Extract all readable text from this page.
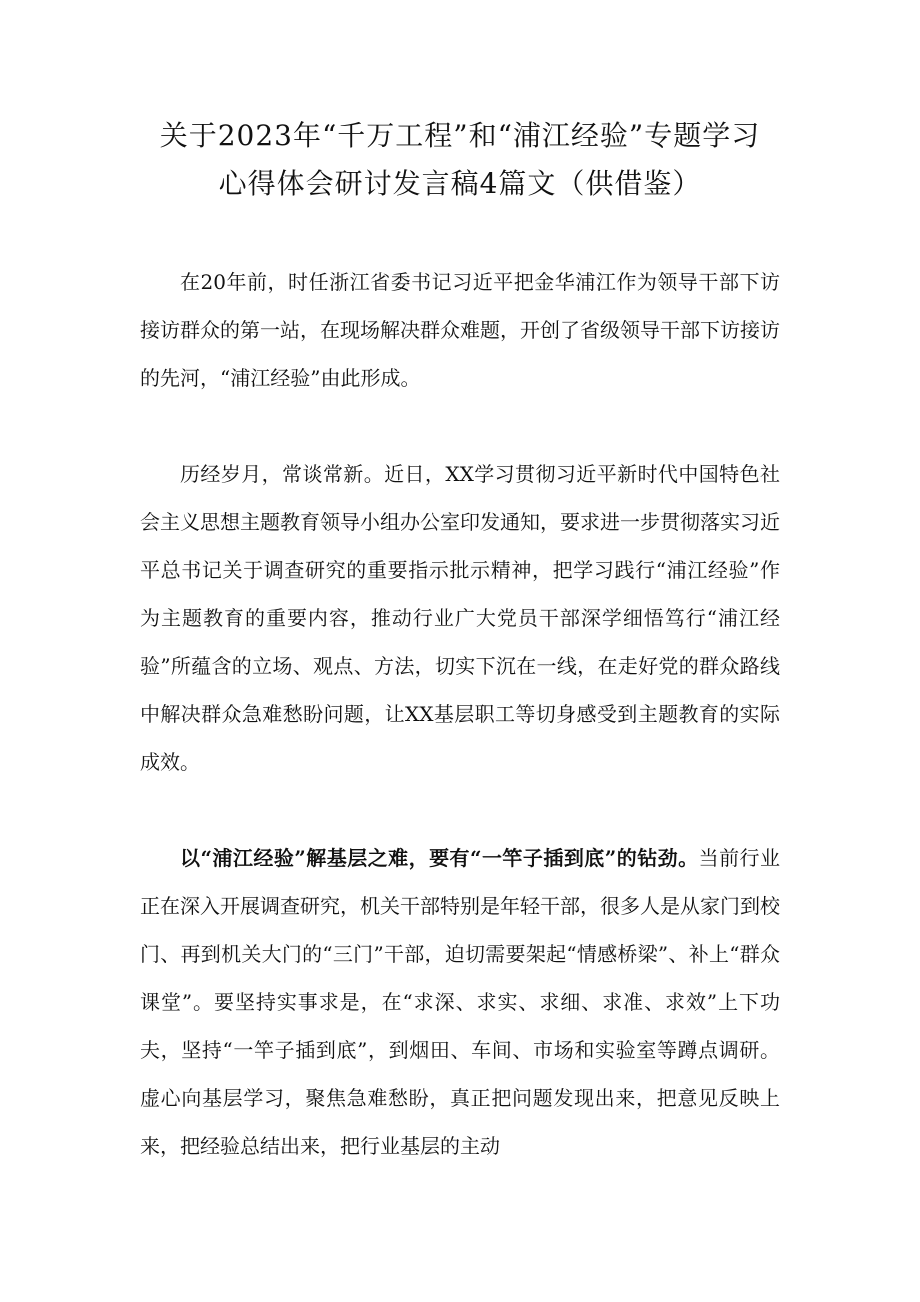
关于2023年“千万工程”和“浦江经验”专题学习
心得体会研讨发言稿4篇文（供借鉴）

在20年前，时任浙江省委书记习近平把金华浦江作为领导干部下访接访群众的第一站，在现场解决群众难题，开创了省级领导干部下访接访的先河，“浦江经验”由此形成。

历经岁月，常谈常新。近日，XX学习贯彻习近平新时代中国特色社会主义思想主题教育领导小组办公室印发通知，要求进一步贯彻落实习近平总书记关于调查研究的重要指示批示精神，把学习践行“浦江经验”作为主题教育的重要内容，推动行业广大党员干部深学细悟笃行“浦江经验”所蕴含的立场、观点、方法，切实下沉在一线，在走好党的群众路线中解决群众急难愁盼问题，让XX基层职工等切身感受到主题教育的实际成效。

以“浦江经验”解基层之难，要有“一竿子插到底”的钻劲。当前行业正在深入开展调查研究，机关干部特别是年轻干部，很多人是从家门到校门、再到机关大门的“三门”干部，迫切需要架起“情感桥梁”、补上“群众课堂”。要坚持实事求是，在“求深、求实、求细、求准、求效”上下功夫，坚持“一竿子插到底”，到烟田、车间、市场和实验室等蹲点调研。虚心向基层学习，聚焦急难愁盼，真正把问题发现出来，把意见反映上来，把经验总结出来，把行业基层的主动
